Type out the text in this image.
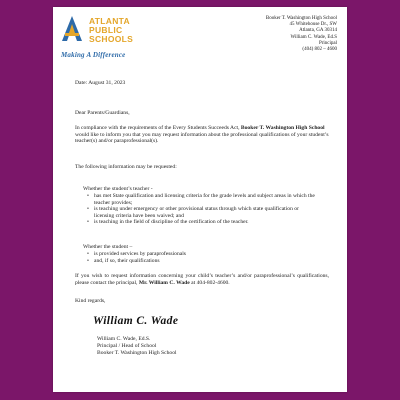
ATLANTA
PUBLIC
SCHOOLS
Making A Difference
Booker T. Washington High School
45 Whitehouse Dr., SW
Atlanta, GA 30314
William C. Wade, Ed.S
Principal
(404) 802 – 4600
Date: August 31, 2023
Dear Parents/Guardians,
In compliance with the requirements of the Every Students Succeeds Act, Booker T. Washington High School would like to inform you that you may request information about the professional qualifications of your student’s teacher(s) and/or paraprofessional(s).
The following information may be requested:
Whether the student’s teacher -
• has met State qualification and licensing criteria for the grade levels and subject areas in which the teacher provides;
• is teaching under emergency or other provisional status through which state qualification or licensing criteria have been waived; and
• is teaching in the field of discipline of the certification of the teacher.
Whether the student –
• is provided services by paraprofessionals
• and, if so, their qualifications
If you wish to request information concerning your child’s teacher’s and/or paraprofessional’s qualifications, please contact the principal, Mr. William C. Wade at 404-802-4600.
Kind regards,
William C. Wade
William C. Wade, Ed.S.
Principal / Head of School
Booker T. Washington High School
